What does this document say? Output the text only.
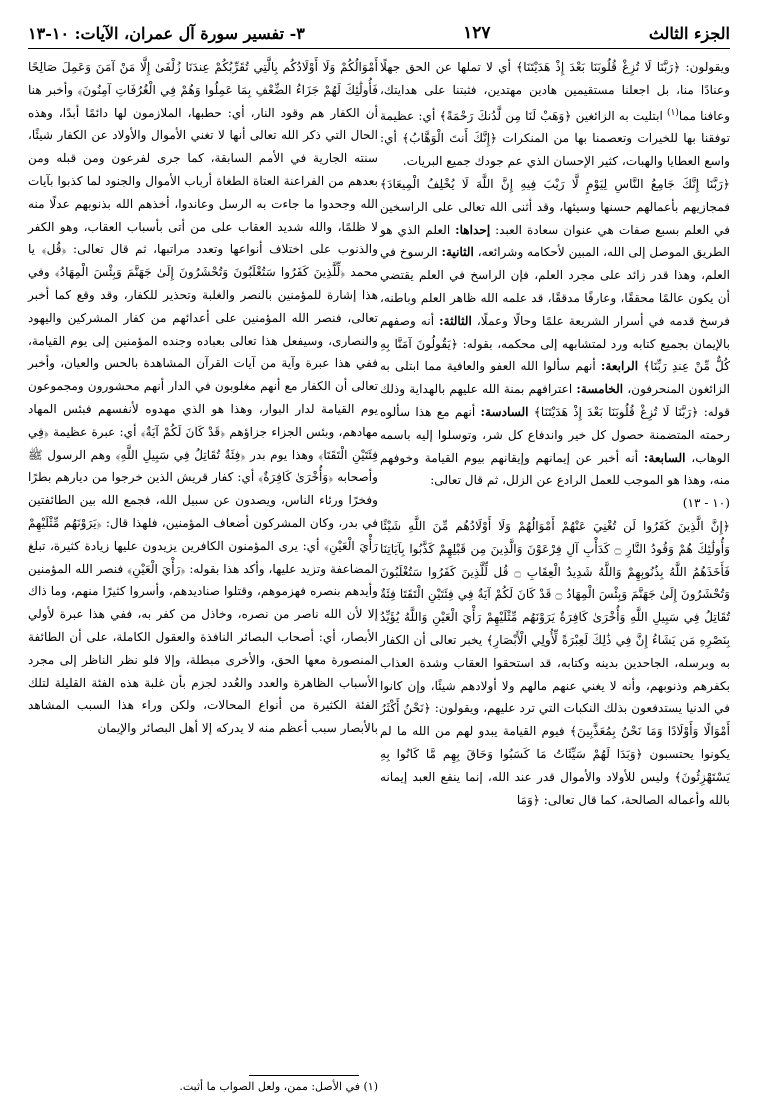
الجزء الثالث
١٢٧
٣- تفسير سورة آل عمران، الآيات: ١٠-١٣

ويقولون: ﴿رَبَّنَا لَا تُزِغْ قُلُوبَنَا بَعْدَ إِذْ هَدَيْتَنَا﴾ أي لا تملها عن الحق جهلًا وعنادًا منا، بل اجعلنا مستقيمين هادين مهتدين، فثبتنا على هدايتك، وعافنا مما$^{(١)}$ ابتليت به الزائغين ﴿وَهَبْ لَنَا مِن لَّدُنكَ رَحْمَةً﴾ أي: عظيمة توفقنا بها للخيرات وتعصمنا بها من المنكرات ﴿إِنَّكَ أَنتَ الْوَهَّابُ﴾ أي: واسع العطايا والهبات، كثير الإحسان الذي عم جودك جميع البريات.

﴿رَبَّنَا إِنَّكَ جَامِعُ النَّاسِ لِيَوْمٍ لَّا رَيْبَ فِيهِ إِنَّ اللَّهَ لَا يُخْلِفُ الْمِيعَادَ﴾ فمجازيهم بأعمالهم حسنها وسيئها، وقد أثنى الله تعالى على الراسخين في العلم بسبع صفات هي عنوان سعادة العبد: إحداها: العلم الذي هو الطريق الموصل إلى الله، المبين لأحكامه وشرائعه، الثانية: الرسوخ في العلم، وهذا قدر زائد على مجرد العلم، فإن الراسخ في العلم يقتضي أن يكون عالمًا محققًا، وعارفًا مدققًا، قد علمه الله ظاهر العلم وباطنه، فرسخ قدمه في أسرار الشريعة علمًا وحالًا وعملًا، الثالثة: أنه وصفهم بالإيمان بجميع كتابه ورد لمتشابهه إلى محكمه، بقوله: ﴿يَقُولُونَ آمَنَّا بِهِ كُلٌّ مِّنْ عِندِ رَبِّنَا﴾ الرابعة: أنهم سألوا الله العفو والعافية مما ابتلى به الزائغون المنحرفون، الخامسة: اعترافهم بمنة الله عليهم بالهداية وذلك قوله: ﴿رَبَّنَا لَا تُزِغْ قُلُوبَنَا بَعْدَ إِذْ هَدَيْتَنَا﴾ السادسة: أنهم مع هذا سألوه رحمته المتضمنة حصول كل خير واندفاع كل شر، وتوسلوا إليه باسمه الوهاب، السابعة: أنه أخبر عن إيمانهم وإيقانهم بيوم القيامة وخوفهم منه، وهذا هو الموجب للعمل الرادع عن الزلل، ثم قال تعالى:

(١٠ - ١٣)

﴿إِنَّ الَّذِينَ كَفَرُوا لَن تُغْنِيَ عَنْهُمْ أَمْوَالُهُمْ وَلَا أَوْلَادُهُم مِّنَ اللَّهِ شَيْئًا وَأُولَٰئِكَ هُمْ وَقُودُ النَّارِ ۝ كَدَأْبِ آلِ فِرْعَوْنَ وَالَّذِينَ مِن قَبْلِهِمْ كَذَّبُوا بِآيَاتِنَا فَأَخَذَهُمُ اللَّهُ بِذُنُوبِهِمْ وَاللَّهُ شَدِيدُ الْعِقَابِ ۝ قُل لِّلَّذِينَ كَفَرُوا سَتُغْلَبُونَ وَتُحْشَرُونَ إِلَىٰ جَهَنَّمَ وَبِئْسَ الْمِهَادُ ۝ قَدْ كَانَ لَكُمْ آيَةٌ فِي فِئَتَيْنِ الْتَقَتَا فِئَةٌ تُقَاتِلُ فِي سَبِيلِ اللَّهِ وَأُخْرَىٰ كَافِرَةٌ يَرَوْنَهُم مِّثْلَيْهِمْ رَأْيَ الْعَيْنِ وَاللَّهُ يُؤَيِّدُ بِنَصْرِهِ مَن يَشَاءُ إِنَّ فِي ذَٰلِكَ لَعِبْرَةً لِّأُولِي الْأَبْصَارِ﴾ يخبر تعالى أن الكفار به وبرسله، الجاحدين بدينه وكتابه، قد استحقوا العقاب وشدة العذاب بكفرهم وذنوبهم، وأنه لا يغني عنهم مالهم ولا أولادهم شيئًا، وإن كانوا في الدنيا يستدفعون بذلك النكبات التي ترد عليهم، ويقولون: ﴿نَحْنُ أَكْثَرُ أَمْوَالًا وَأَوْلَادًا وَمَا نَحْنُ بِمُعَذَّبِينَ﴾ فيوم القيامة يبدو لهم من الله ما لم يكونوا يحتسبون ﴿وَبَدَا لَهُمْ سَيِّئَاتُ مَا كَسَبُوا وَحَاقَ بِهِم مَّا كَانُوا بِهِ يَسْتَهْزِئُونَ﴾ وليس للأولاد والأموال قدر عند الله، إنما ينفع العبد إيمانه بالله وأعماله الصالحة، كما قال تعالى: ﴿وَمَا

أَمْوَالُكُمْ وَلَا أَوْلَادُكُم بِالَّتِي تُقَرِّبُكُمْ عِندَنَا زُلْفَىٰ إِلَّا مَنْ آمَنَ وَعَمِلَ صَالِحًا فَأُولَٰئِكَ لَهُمْ جَزَاءُ الضِّعْفِ بِمَا عَمِلُوا وَهُمْ فِي الْغُرُفَاتِ آمِنُونَ﴾ وأخبر هنا أن الكفار هم وقود النار، أي: حطبها، الملازمون لها دائمًا أبدًا، وهذه الحال التي ذكر الله تعالى أنها لا تغني الأموال والأولاد عن الكفار شيئًا، سنته الجارية في الأمم السابقة، كما جرى لفرعون ومن قبله ومن بعدهم من الفراعنة العتاة الطغاة أرباب الأموال والجنود لما كذبوا بآيات الله وجحدوا ما جاءت به الرسل وعاندوا، أخذهم الله بذنوبهم عدلًا منه لا ظلمًا، والله شديد العقاب على من أتى بأسباب العقاب، وهو الكفر والذنوب على اختلاف أنواعها وتعدد مراتبها، ثم قال تعالى: ﴿قُل﴾ يا محمد ﴿لِّلَّذِينَ كَفَرُوا سَتُغْلَبُونَ وَتُحْشَرُونَ إِلَىٰ جَهَنَّمَ وَبِئْسَ الْمِهَادُ﴾ وفي هذا إشارة للمؤمنين بالنصر والغلبة وتحذير للكفار، وقد وقع كما أخبر تعالى، فنصر الله المؤمنين على أعدائهم من كفار المشركين واليهود والنصارى، وسيفعل هذا تعالى بعباده وجنده المؤمنين إلى يوم القيامة، ففي هذا عبرة وآية من آيات القرآن المشاهدة بالحس والعيان، وأخبر تعالى أن الكفار مع أنهم مغلوبون في الدار أنهم محشورون ومجموعون يوم القيامة لدار البوار، وهذا هو الذي مهدوه لأنفسهم فبئس المهاد مهادهم، وبئس الجزاء جزاؤهم ﴿قَدْ كَانَ لَكُمْ آيَةٌ﴾ أي: عبرة عظيمة ﴿فِي فِئَتَيْنِ الْتَقَتَا﴾ وهذا يوم بدر ﴿فِئَةٌ تُقَاتِلُ فِي سَبِيلِ اللَّهِ﴾ وهم الرسول ﷺ وأصحابه ﴿وَأُخْرَىٰ كَافِرَةٌ﴾ أي: كفار قريش الذين خرجوا من ديارهم بطرًا وفخرًا ورئاء الناس، ويصدون عن سبيل الله، فجمع الله بين الطائفتين في بدر، وكان المشركون أضعاف المؤمنين، فلهذا قال: ﴿يَرَوْنَهُم مِّثْلَيْهِمْ رَأْيَ الْعَيْنِ﴾ أي: يرى المؤمنون الكافرين يزيدون عليها زيادة كثيرة، تبلغ المضاعفة وتزيد عليها، وأكد هذا بقوله: ﴿رَأْيَ الْعَيْنِ﴾ فنصر الله المؤمنين وأيدهم بنصره فهزموهم، وقتلوا صناديدهم، وأسروا كثيرًا منهم، وما ذاك إلا لأن الله ناصر من نصره، وخاذل من كفر به، ففي هذا عبرة لأولي الأبصار، أي: أصحاب البصائر النافذة والعقول الكاملة، على أن الطائفة المنصورة معها الحق، والأخرى مبطلة، وإلا فلو نظر الناظر إلى مجرد الأسباب الظاهرة والعدد والعُدد لجزم بأن غلبة هذه الفئة القليلة لتلك الفئة الكثيرة من أنواع المحالات، ولكن وراء هذا السبب المشاهد بالأبصار سبب أعظم منه لا يدركه إلا أهل البصائر والإيمان

(١) في الأصل: ممن، ولعل الصواب ما أثبت.
